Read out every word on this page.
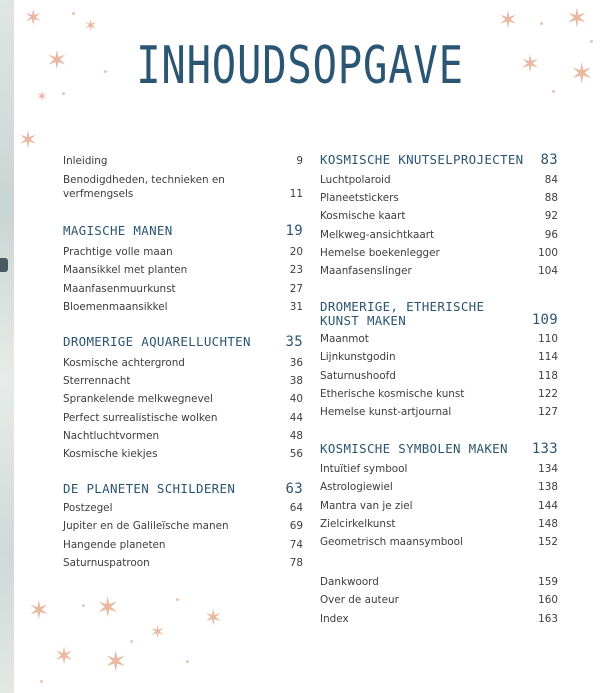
✶	✶
✶
✶
✶
✶ ✶
✶ ✶
✶ ✶
✶
✶
✶ ✶
INHOUDSOPGAVE
Inleiding	9
Benodigdheden, technieken en verfmengsels	11
MAGISCHE MANEN	19
Prachtige volle maan	20
Maansikkel met planten	23
Maanfasenmuurkunst	27
Bloemenmaansikkel	31
DROMERIGE AQUARELLUCHTEN 35
Kosmische achtergrond	36
Sterrennacht	38
Sprankelende melkwegnevel	40
Perfect surrealistische wolken	44
Nachtluchtvormen	48
Kosmische kiekjes	56
DE PLANETEN SCHILDEREN	63
Postzegel	64
Jupiter en de Galileïsche manen	69
Hangende planeten	74
Saturnuspatroon	78
KOSMISCHE KNUTSELPROJECTEN 83
Luchtpolaroid	84
Planeetstickers	88
Kosmische kaart	92
Melkweg-ansichtkaart	96
Hemelse boekenlegger	100
Maanfasenslinger	104
DROMERIGE, ETHERISCHE
KUNST MAKEN	109
Maanmot	110
Lijnkunstgodin	114
Saturnushoofd	118
Etherische kosmische kunst	122
Hemelse kunst-artjournal	127
KOSMISCHE SYMBOLEN MAKEN 133
Intuïtief symbool	134
Astrologiewiel	138
Mantra van je ziel	144
Zielcirkelkunst	148
Geometrisch maansymbool	152
Dankwoord	159
Over de auteur	160
Index	163
